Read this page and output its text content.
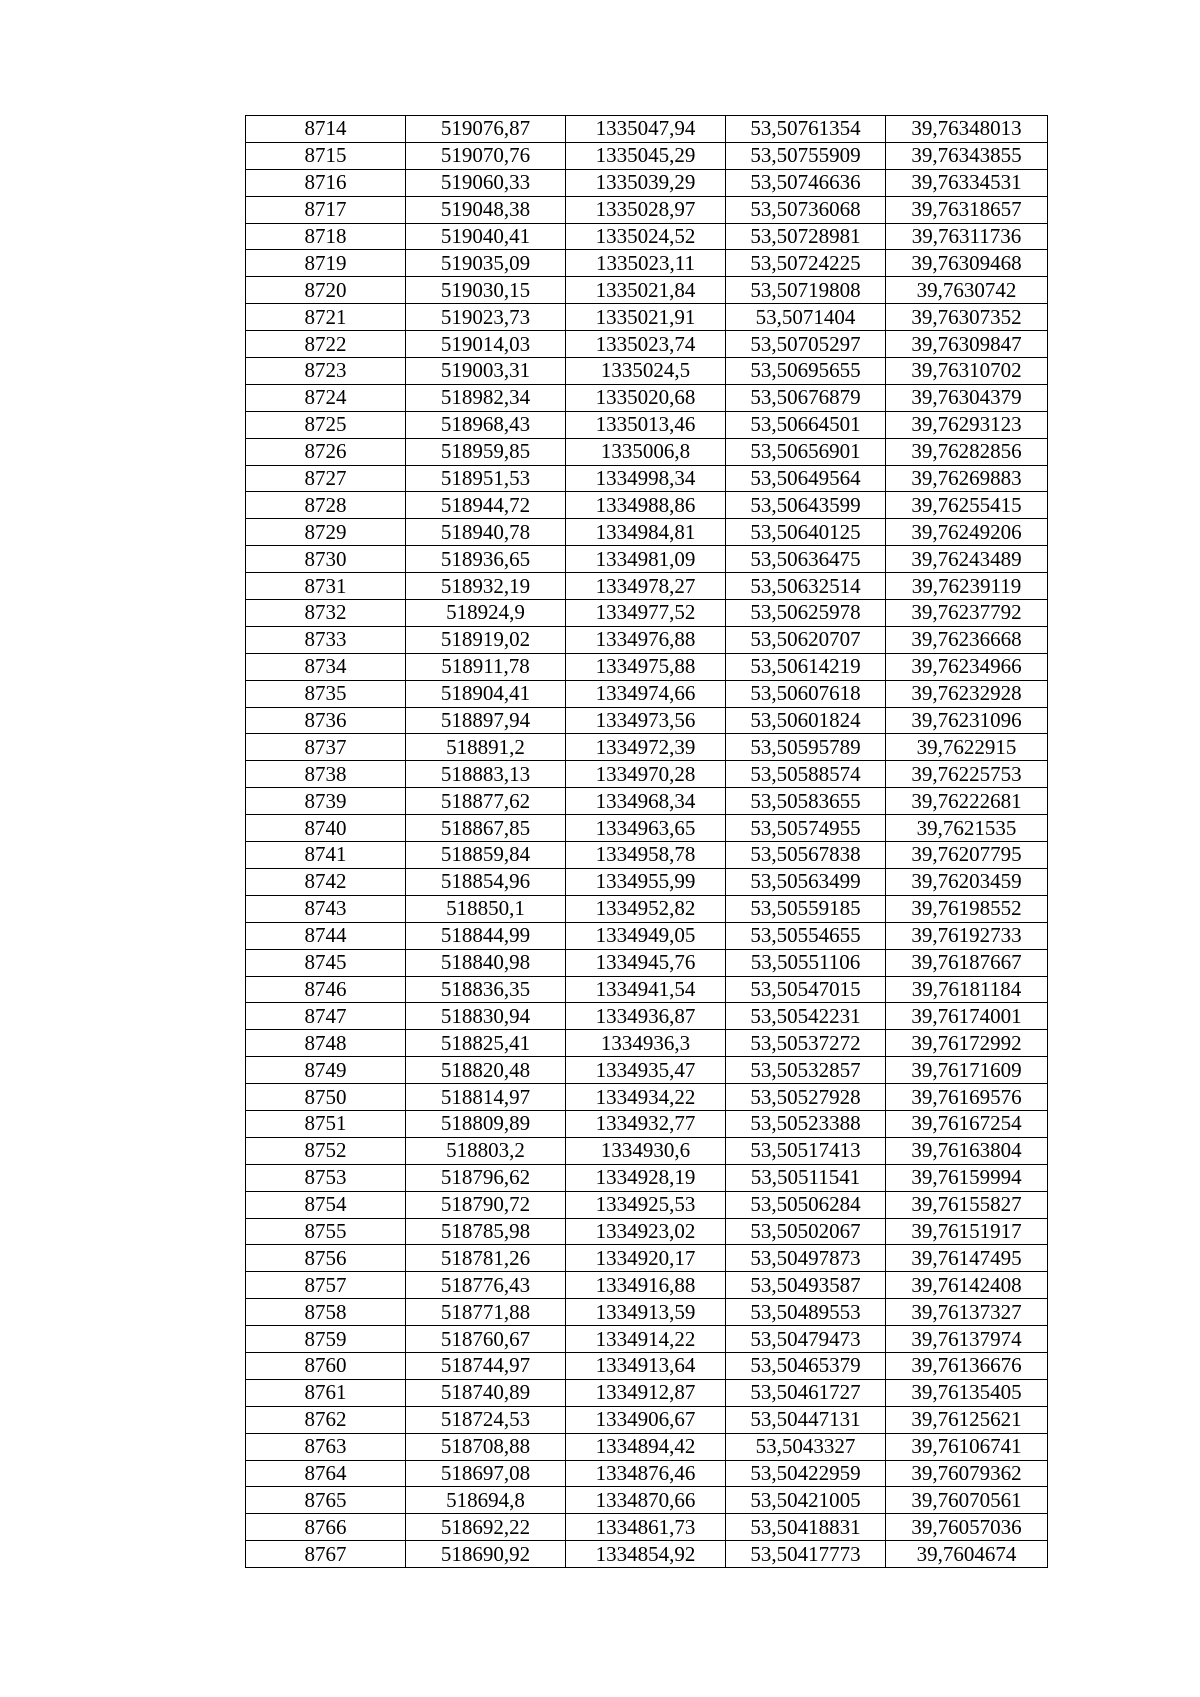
8714	519076,87	1335047,94	53,50761354	39,76348013
8715	519070,76	1335045,29	53,50755909	39,76343855
8716	519060,33	1335039,29	53,50746636	39,76334531
8717	519048,38	1335028,97	53,50736068	39,76318657
8718	519040,41	1335024,52	53,50728981	39,76311736
8719	519035,09	1335023,11	53,50724225	39,76309468
8720	519030,15	1335021,84	53,50719808	39,7630742
8721	519023,73	1335021,91	53,5071404	39,76307352
8722	519014,03	1335023,74	53,50705297	39,76309847
8723	519003,31	1335024,5	53,50695655	39,76310702
8724	518982,34	1335020,68	53,50676879	39,76304379
8725	518968,43	1335013,46	53,50664501	39,76293123
8726	518959,85	1335006,8	53,50656901	39,76282856
8727	518951,53	1334998,34	53,50649564	39,76269883
8728	518944,72	1334988,86	53,50643599	39,76255415
8729	518940,78	1334984,81	53,50640125	39,76249206
8730	518936,65	1334981,09	53,50636475	39,76243489
8731	518932,19	1334978,27	53,50632514	39,76239119
8732	518924,9	1334977,52	53,50625978	39,76237792
8733	518919,02	1334976,88	53,50620707	39,76236668
8734	518911,78	1334975,88	53,50614219	39,76234966
8735	518904,41	1334974,66	53,50607618	39,76232928
8736	518897,94	1334973,56	53,50601824	39,76231096
8737	518891,2	1334972,39	53,50595789	39,7622915
8738	518883,13	1334970,28	53,50588574	39,76225753
8739	518877,62	1334968,34	53,50583655	39,76222681
8740	518867,85	1334963,65	53,50574955	39,7621535
8741	518859,84	1334958,78	53,50567838	39,76207795
8742	518854,96	1334955,99	53,50563499	39,76203459
8743	518850,1	1334952,82	53,50559185	39,76198552
8744	518844,99	1334949,05	53,50554655	39,76192733
8745	518840,98	1334945,76	53,50551106	39,76187667
8746	518836,35	1334941,54	53,50547015	39,76181184
8747	518830,94	1334936,87	53,50542231	39,76174001
8748	518825,41	1334936,3	53,50537272	39,76172992
8749	518820,48	1334935,47	53,50532857	39,76171609
8750	518814,97	1334934,22	53,50527928	39,76169576
8751	518809,89	1334932,77	53,50523388	39,76167254
8752	518803,2	1334930,6	53,50517413	39,76163804
8753	518796,62	1334928,19	53,50511541	39,76159994
8754	518790,72	1334925,53	53,50506284	39,76155827
8755	518785,98	1334923,02	53,50502067	39,76151917
8756	518781,26	1334920,17	53,50497873	39,76147495
8757	518776,43	1334916,88	53,50493587	39,76142408
8758	518771,88	1334913,59	53,50489553	39,76137327
8759	518760,67	1334914,22	53,50479473	39,76137974
8760	518744,97	1334913,64	53,50465379	39,76136676
8761	518740,89	1334912,87	53,50461727	39,76135405
8762	518724,53	1334906,67	53,50447131	39,76125621
8763	518708,88	1334894,42	53,5043327	39,76106741
8764	518697,08	1334876,46	53,50422959	39,76079362
8765	518694,8	1334870,66	53,50421005	39,76070561
8766	518692,22	1334861,73	53,50418831	39,76057036
8767	518690,92	1334854,92	53,50417773	39,7604674
